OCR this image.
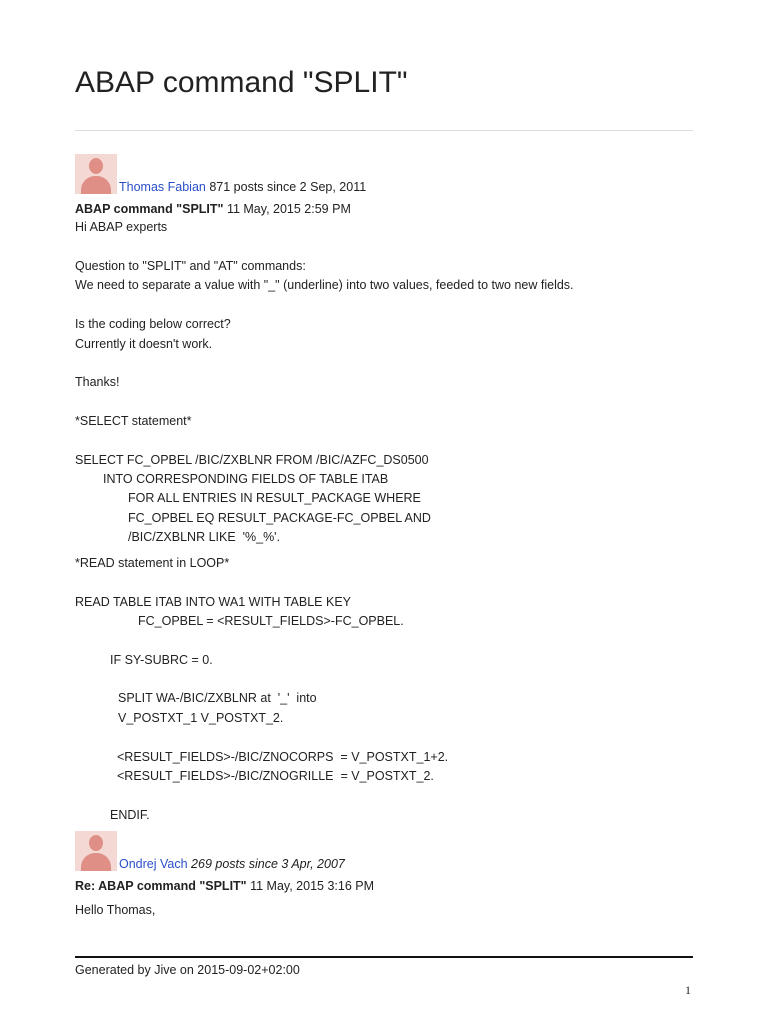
ABAP command "SPLIT"
Thomas Fabian 871 posts since 2 Sep, 2011
ABAP command "SPLIT" 11 May, 2015 2:59 PM
Hi ABAP experts
Question to "SPLIT" and "AT" commands:
We need to separate a value with "_" (underline) into two values, feeded to two new fields.
Is the coding below correct?
Currently it doesn't work.
Thanks!
*SELECT statement*
SELECT FC_OPBEL /BIC/ZXBLNR FROM /BIC/AZFC_DS0500
INTO CORRESPONDING FIELDS OF TABLE ITAB
FOR ALL ENTRIES IN RESULT_PACKAGE WHERE
FC_OPBEL EQ RESULT_PACKAGE-FC_OPBEL AND
/BIC/ZXBLNR LIKE  '%_%'.
*READ statement in LOOP*
READ TABLE ITAB INTO WA1 WITH TABLE KEY
FC_OPBEL = <RESULT_FIELDS>-FC_OPBEL.
IF SY-SUBRC = 0.
SPLIT WA-/BIC/ZXBLNR at  '_'  into
V_POSTXT_1 V_POSTXT_2.
<RESULT_FIELDS>-/BIC/ZNOCORPS  = V_POSTXT_1+2.
<RESULT_FIELDS>-/BIC/ZNOGRILLE  = V_POSTXT_2.
ENDIF.
Ondrej Vach 269 posts since 3 Apr, 2007
Re: ABAP command "SPLIT" 11 May, 2015 3:16 PM
Hello Thomas,
Generated by Jive on 2015-09-02+02:00
1
